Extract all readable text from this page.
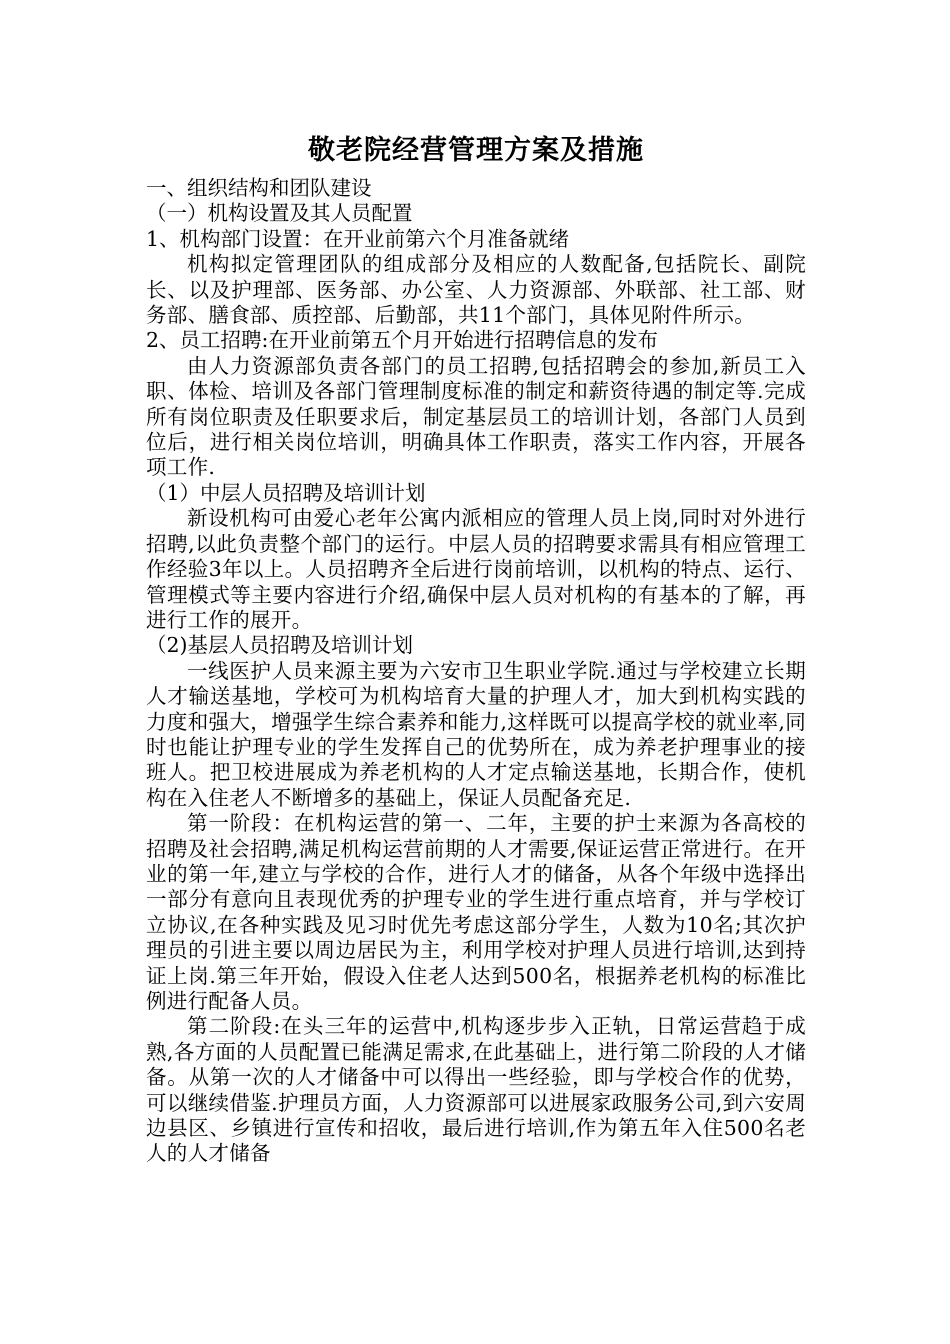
敬老院经营管理方案及措施

一、组织结构和团队建设

（一）机构设置及其人员配置

1、机构部门设置：在开业前第六个月准备就绪

机构拟定管理团队的组成部分及相应的人数配备,包括院长、副院长、以及护理部、医务部、办公室、人力资源部、外联部、社工部、财务部、膳食部、质控部、后勤部，共11个部门，具体见附件所示。

2、员工招聘:在开业前第五个月开始进行招聘信息的发布

由人力资源部负责各部门的员工招聘,包括招聘会的参加,新员工入职、体检、培训及各部门管理制度标准的制定和薪资待遇的制定等.完成所有岗位职责及任职要求后，制定基层员工的培训计划，各部门人员到位后，进行相关岗位培训，明确具体工作职责，落实工作内容，开展各项工作.

（1）中层人员招聘及培训计划

新设机构可由爱心老年公寓内派相应的管理人员上岗,同时对外进行招聘,以此负责整个部门的运行。中层人员的招聘要求需具有相应管理工作经验3年以上。人员招聘齐全后进行岗前培训，以机构的特点、运行、管理模式等主要内容进行介绍,确保中层人员对机构的有基本的了解，再进行工作的展开。

（2)基层人员招聘及培训计划

一线医护人员来源主要为六安市卫生职业学院.通过与学校建立长期人才输送基地，学校可为机构培育大量的护理人才，加大到机构实践的力度和强大，增强学生综合素养和能力,这样既可以提高学校的就业率,同时也能让护理专业的学生发挥自己的优势所在，成为养老护理事业的接班人。把卫校进展成为养老机构的人才定点输送基地，长期合作，使机构在入住老人不断增多的基础上，保证人员配备充足.

第一阶段：在机构运营的第一、二年，主要的护士来源为各高校的招聘及社会招聘,满足机构运营前期的人才需要,保证运营正常进行。在开业的第一年,建立与学校的合作，进行人才的储备，从各个年级中选择出一部分有意向且表现优秀的护理专业的学生进行重点培育，并与学校订立协议,在各种实践及见习时优先考虑这部分学生，人数为10名;其次护理员的引进主要以周边居民为主，利用学校对护理人员进行培训,达到持证上岗.第三年开始，假设入住老人达到500名，根据养老机构的标准比例进行配备人员。

第二阶段:在头三年的运营中,机构逐步步入正轨，日常运营趋于成熟,各方面的人员配置已能满足需求,在此基础上，进行第二阶段的人才储备。从第一次的人才储备中可以得出一些经验，即与学校合作的优势，可以继续借鉴.护理员方面，人力资源部可以进展家政服务公司,到六安周边县区、乡镇进行宣传和招收，最后进行培训,作为第五年入住500名老人的人才储备
